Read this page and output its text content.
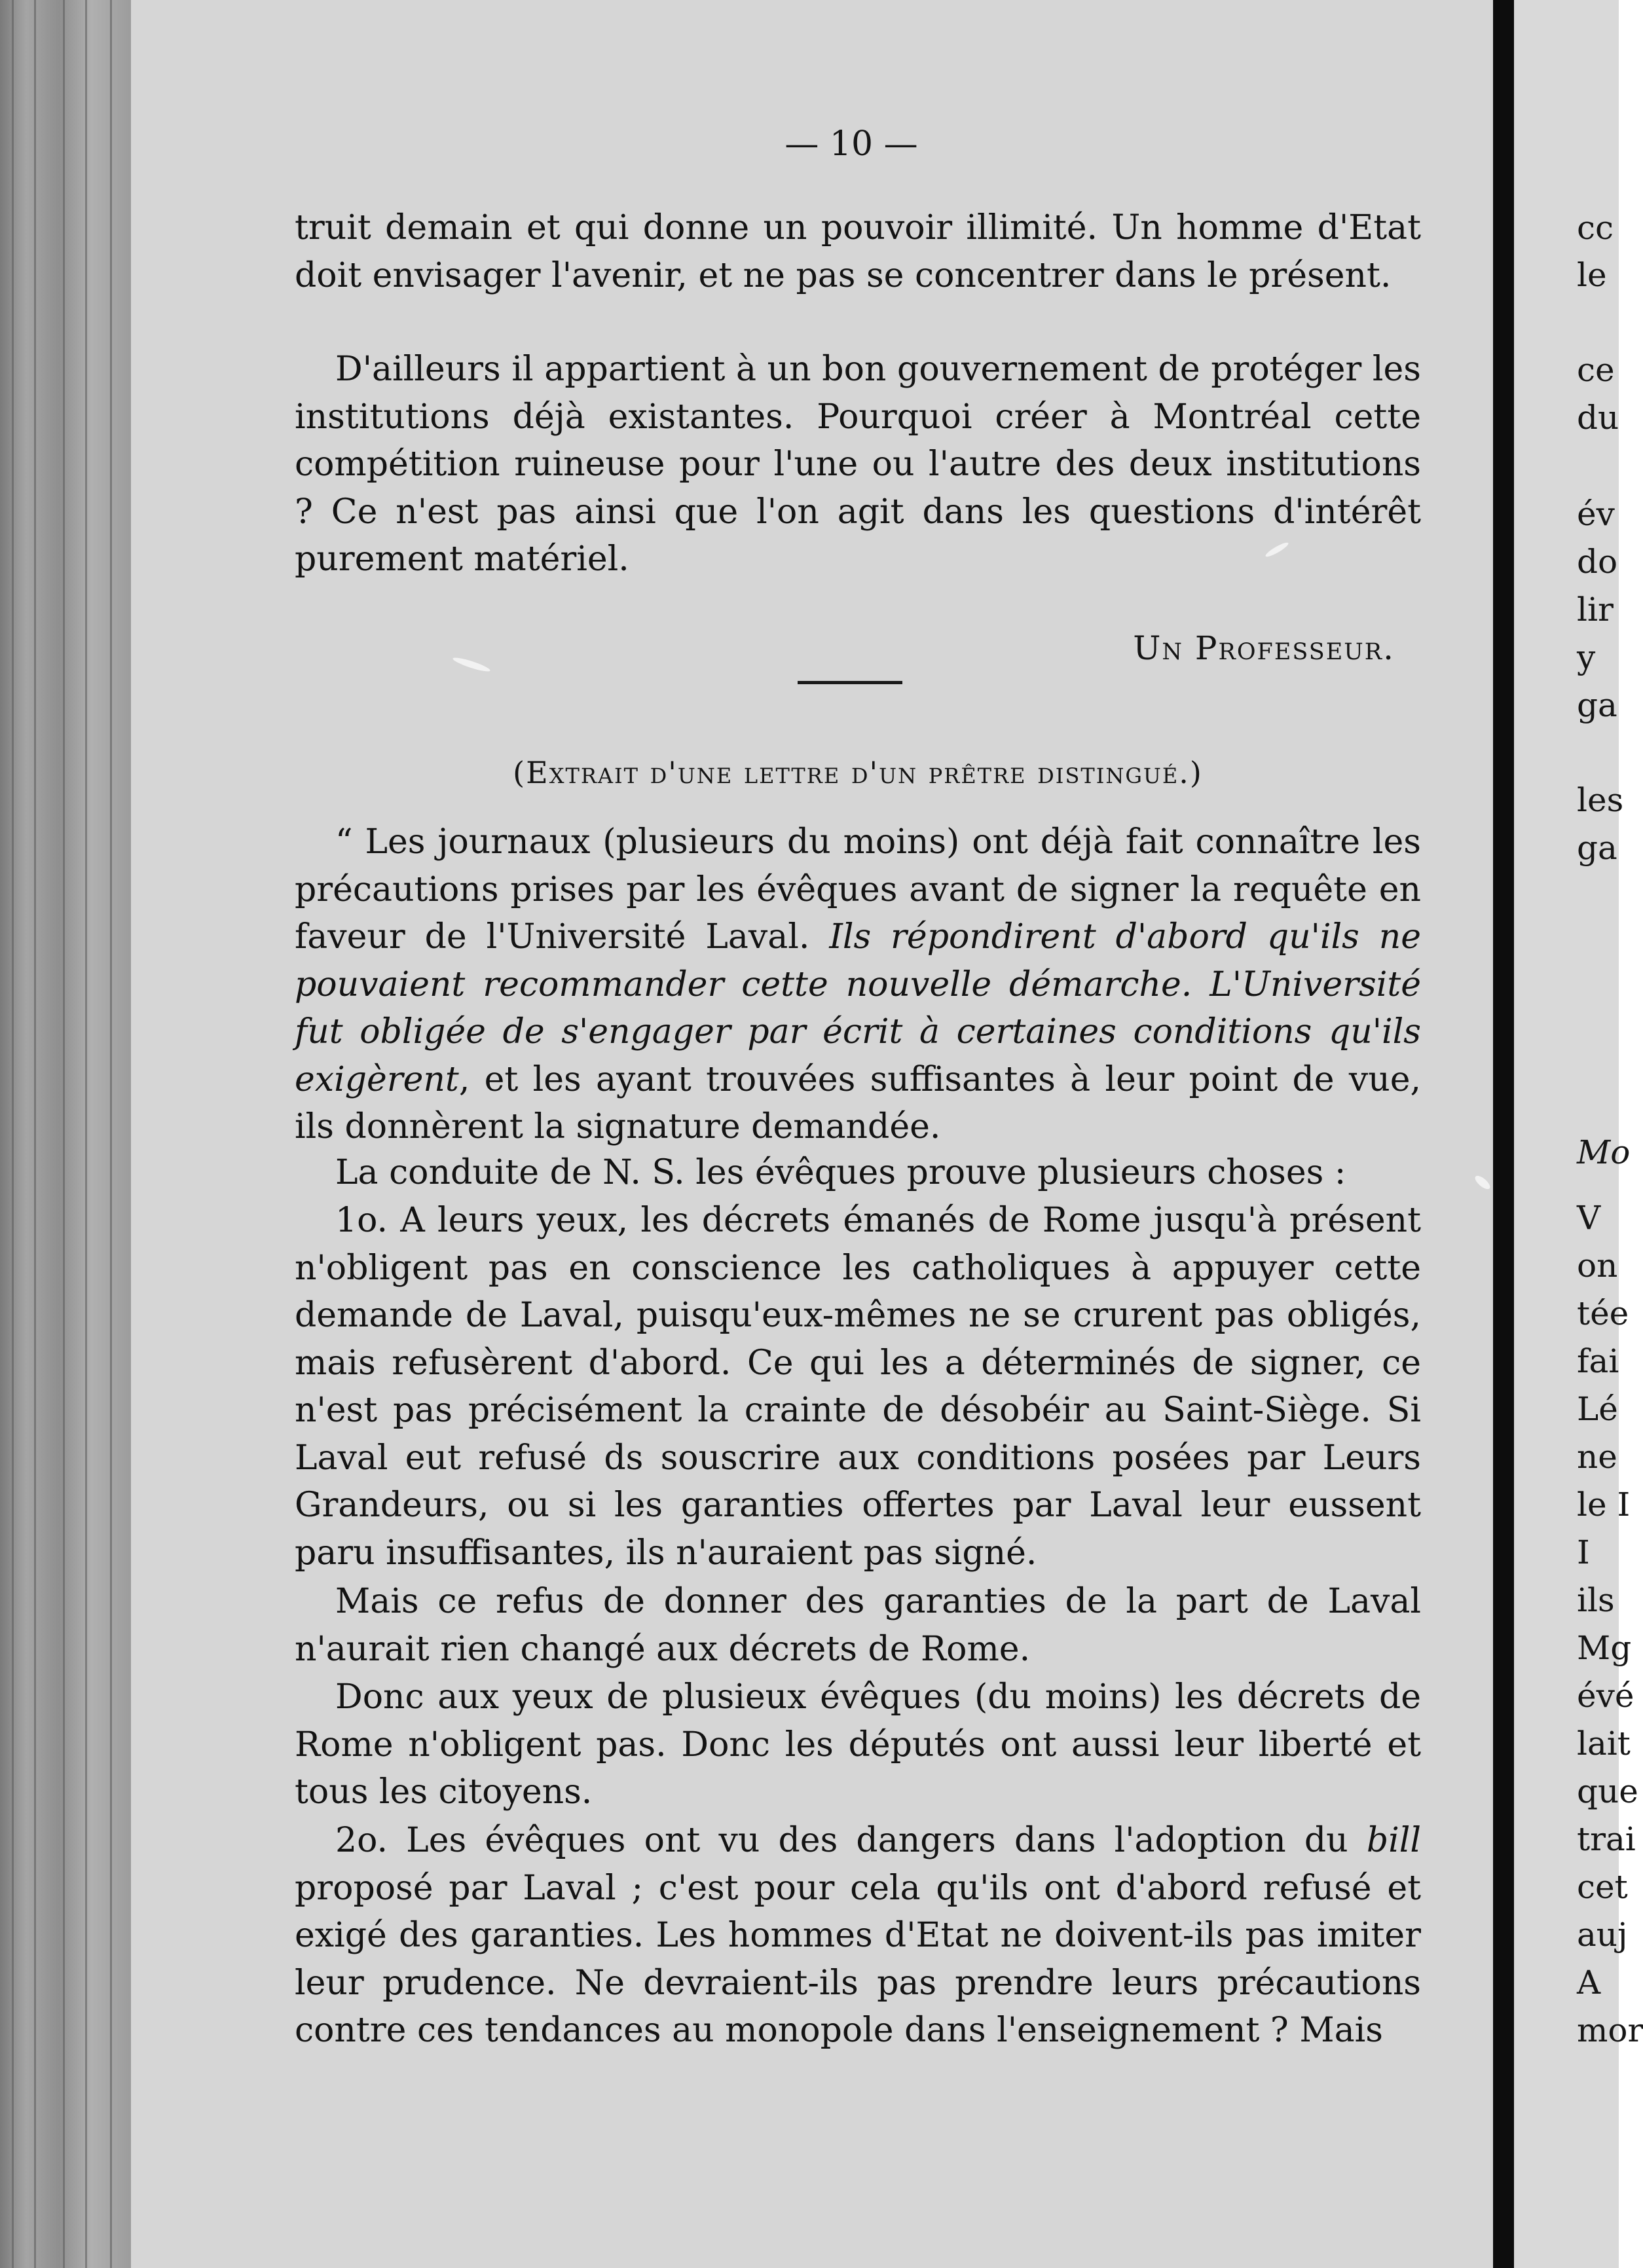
— 10 —

truit demain et qui donne un pouvoir illimité. Un homme d'Etat doit envisager l'avenir, et ne pas se concentrer dans le présent.

D'ailleurs il appartient à un bon gouvernement de protéger les institutions déjà existantes. Pourquoi créer à Montréal cette compétition ruineuse pour l'une ou l'autre des deux institutions ? Ce n'est pas ainsi que l'on agit dans les questions d'intérêt purement matériel.

Un Professeur.
(Extrait d'une lettre d'un prêtre distingué.)

“ Les journaux (plusieurs du moins) ont déjà fait connaître les précautions prises par les évêques avant de signer la requête en faveur de l'Université Laval. Ils répondirent d'abord qu'ils ne pouvaient recommander cette nouvelle démarche. L'Université fut obligée de s'engager par écrit à certaines conditions qu'ils exigèrent, et les ayant trouvées suffisantes à leur point de vue, ils donnèrent la signature demandée.

La conduite de N. S. les évêques prouve plusieurs choses :

1o. A leurs yeux, les décrets émanés de Rome jusqu'à présent n'obligent pas en conscience les catholiques à appuyer cette demande de Laval, puisqu'eux-mêmes ne se crurent pas obligés, mais refusèrent d'abord. Ce qui les a déterminés de signer, ce n'est pas précisément la crainte de désobéir au Saint-Siège. Si Laval eut refusé ds souscrire aux conditions posées par Leurs Grandeurs, ou si les garanties offertes par Laval leur eussent paru insuffisantes, ils n'auraient pas signé.

Mais ce refus de donner des garanties de la part de Laval n'aurait rien changé aux décrets de Rome.

Donc aux yeux de plusieux évêques (du moins) les décrets de Rome n'obligent pas. Donc les députés ont aussi leur liberté et tous les citoyens.

2o. Les évêques ont vu des dangers dans l'adoption du bill proposé par Laval ; c'est pour cela qu'ils ont d'abord refusé et exigé des garanties. Les hommes d'Etat ne doivent-ils pas imiter leur prudence. Ne devraient-ils pas prendre leurs précautions contre ces tendances au monopole dans l'enseignement ? Mais

cc
le
ce
du
év
do
lir
y
ga
les
ga
Mo
V
on
tée
fai
Lé
ne
le I
I
ils
Mg
évé
lait
que
trai
cet
auj
A
mor
